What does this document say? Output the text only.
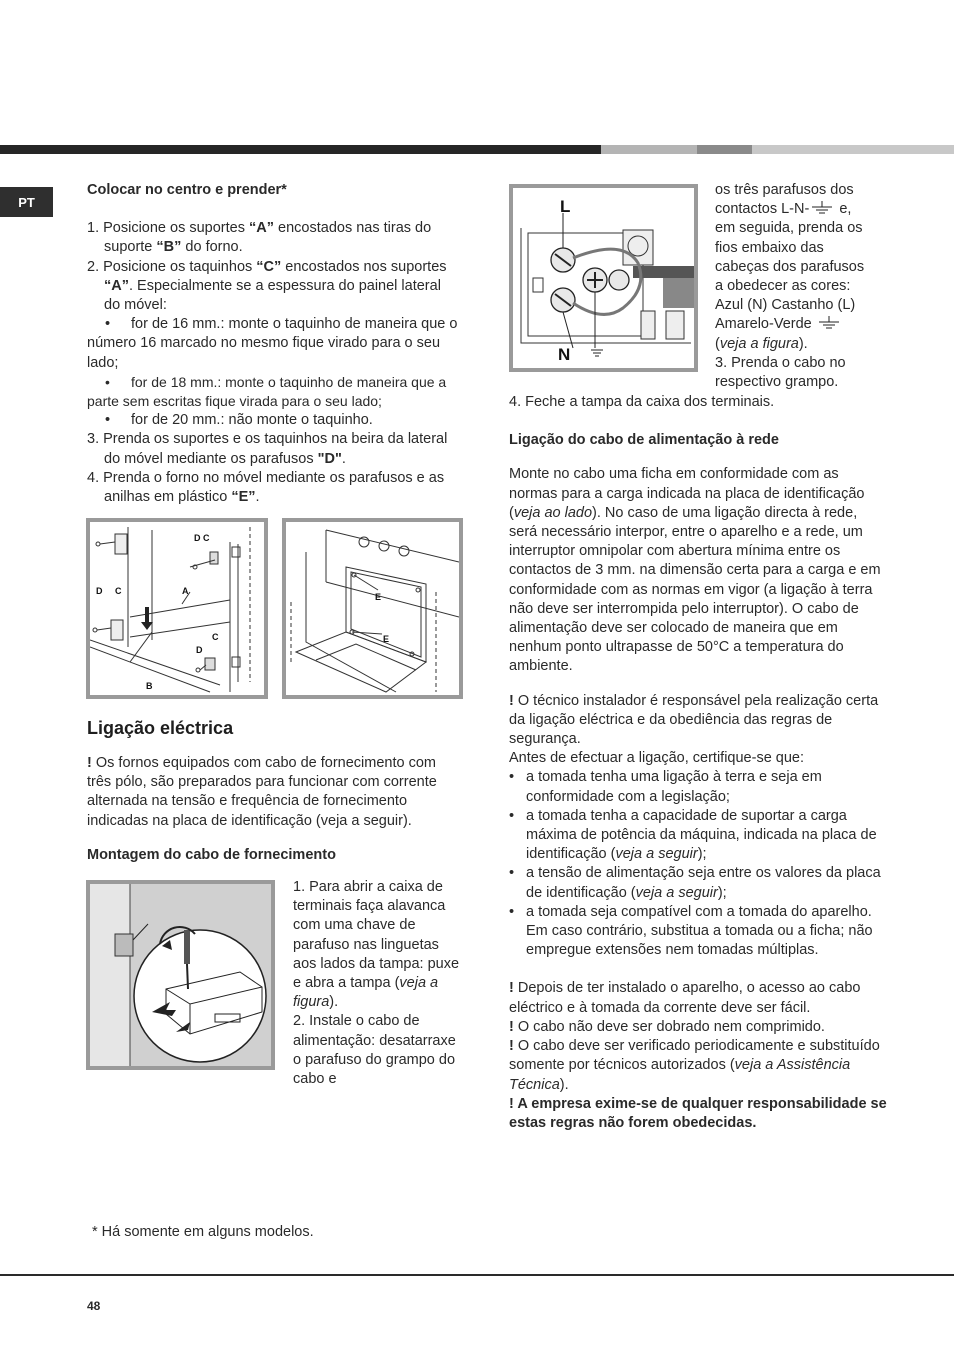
PT
Colocar no centro e prender*
1. Posicione os suportes “A” encostados nas tiras do suporte “B” do forno.
2. Posicione os taquinhos “C” encostados nos suportes “A”. Especialmente se a espessura do painel lateral do móvel:
• for de 16 mm.: monte o taquinho de maneira que o número 16 marcado no mesmo fique virado para o seu lado;
• for de 18 mm.: monte o taquinho de maneira que a parte sem escritas fique virada para o seu lado;
• for de 20 mm.: não monte o taquinho.
3. Prenda os suportes e os taquinhos na beira da lateral do móvel mediante os parafusos "D".
4. Prenda o forno no móvel mediante os parafusos e as anilhas em plástico “E”.
D C
D C	A
B
D
C
E
E
Ligação eléctrica
! Os fornos equipados com cabo de fornecimento com três pólo, são preparados para funcionar com corrente alternada na tensão e frequência de fornecimento indicadas na placa de identificação (veja a seguir).
Montagem do cabo de fornecimento
1. Para abrir a caixa de terminais faça alavanca com uma chave de parafuso nas linguetas aos lados da tampa: puxe e abra a tampa (veja a figura).
2. Instale o cabo de alimentação: desatarraxe o parafuso do grampo do cabo e
* Há somente em alguns modelos.
L
N
os três parafusos dos
contactos L-N- e,
em seguida, prenda os
fios embaixo das
cabeças dos parafusos
a obedecer as cores:
Azul (N) Castanho (L)
Amarelo-Verde
(veja a figura).
3. Prenda o cabo no
respectivo grampo.
4. Feche a tampa da caixa dos terminais.
Ligação do cabo de alimentação à rede
Monte no cabo uma ficha em conformidade com as normas para a carga indicada na placa de identificação (veja ao lado). No caso de uma ligação directa à rede, será necessário interpor, entre o aparelho e a rede, um interruptor omnipolar com abertura mínima entre os contactos de 3 mm. na dimensão certa para a carga e em conformidade com as normas em vigor (a ligação à terra não deve ser interrompida pelo interruptor). O cabo de alimentação deve ser colocado de maneira que em nenhum ponto ultrapasse de 50°C a temperatura do ambiente.
! O técnico instalador é responsável pela realização certa da ligação eléctrica e da obediência das regras de segurança.
Antes de efectuar a ligação, certifique-se que:
• a tomada tenha uma ligação à terra e seja em conformidade com a legislação;
• a tomada tenha a capacidade de suportar a carga máxima de potência da máquina, indicada na placa de identificação (veja a seguir);
• a tensão de alimentação seja entre os valores da placa de identificação (veja a seguir);
• a tomada seja compatível com a tomada do aparelho. Em caso contrário, substitua a tomada ou a ficha; não empregue extensões nem tomadas múltiplas.
! Depois de ter instalado o aparelho, o acesso ao cabo eléctrico e à tomada da corrente deve ser fácil.
! O cabo não deve ser dobrado nem comprimido.
! O cabo deve ser verificado periodicamente e substituído somente por técnicos autorizados (veja a Assistência Técnica).
! A empresa exime-se de qualquer responsabilidade se estas regras não forem obedecidas.
48
